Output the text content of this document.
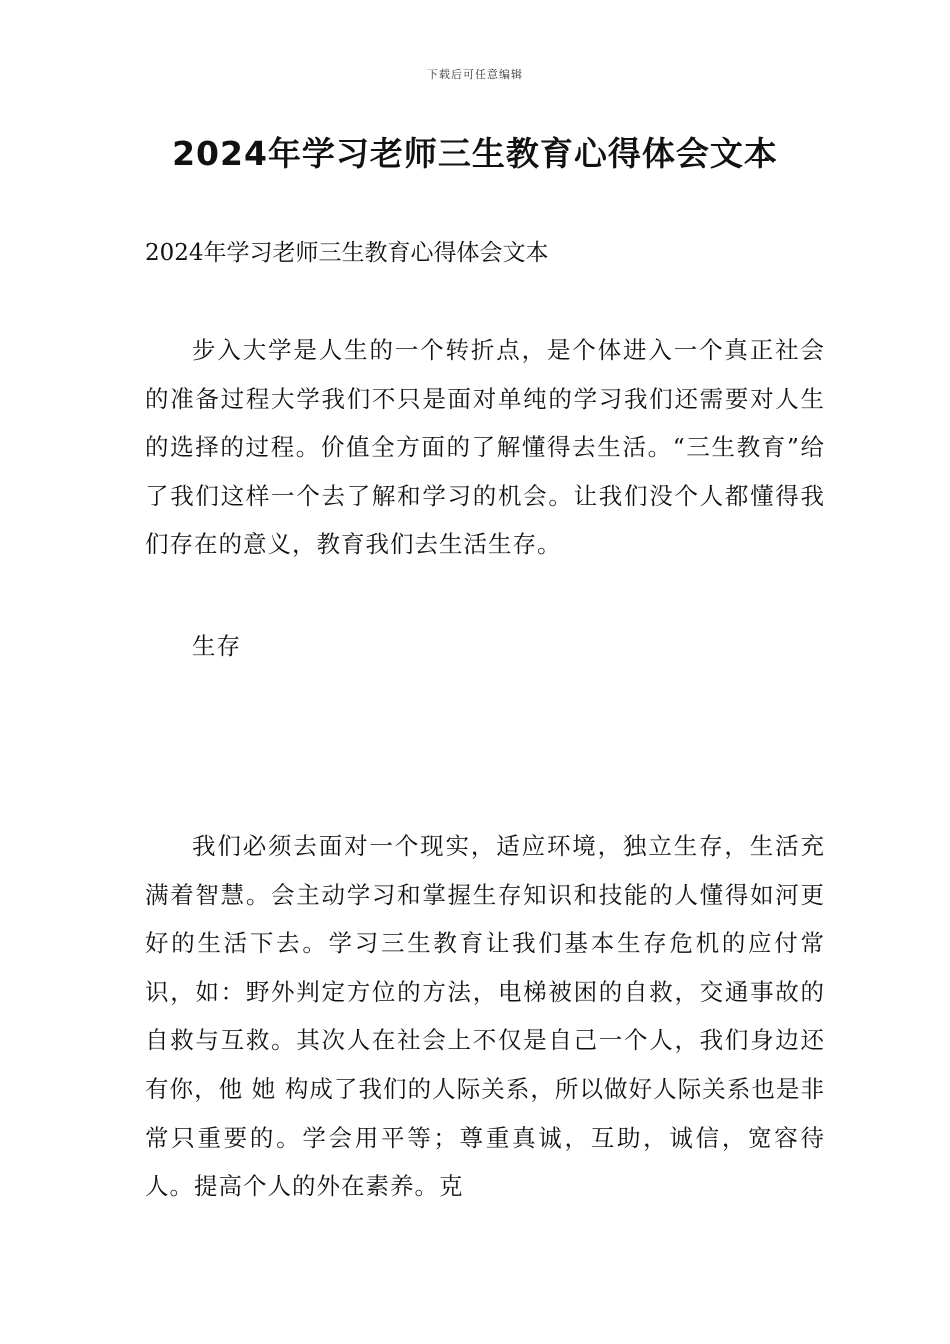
下载后可任意编辑
2024年学习老师三生教育心得体会文本
2024年学习老师三生教育心得体会文本

步入大学是人生的一个转折点，是个体进入一个真正社会的准备过程大学我们不只是面对单纯的学习我们还需要对人生的选择的过程。价值全方面的了解懂得去生活。“三生教育”给了我们这样一个去了解和学习的机会。让我们没个人都懂得我们存在的意义，教育我们去生活生存。

生存

我们必须去面对一个现实，适应环境，独立生存，生活充满着智慧。会主动学习和掌握生存知识和技能的人懂得如河更好的生活下去。学习三生教育让我们基本生存危机的应付常识，如：野外判定方位的方法，电梯被困的自救，交通事故的自救与互救。其次人在社会上不仅是自己一个人，我们身边还有你，他 她 构成了我们的人际关系，所以做好人际关系也是非常只重要的。学会用平等；尊重真诚，互助，诚信，宽容待人。提高个人的外在素养。克
